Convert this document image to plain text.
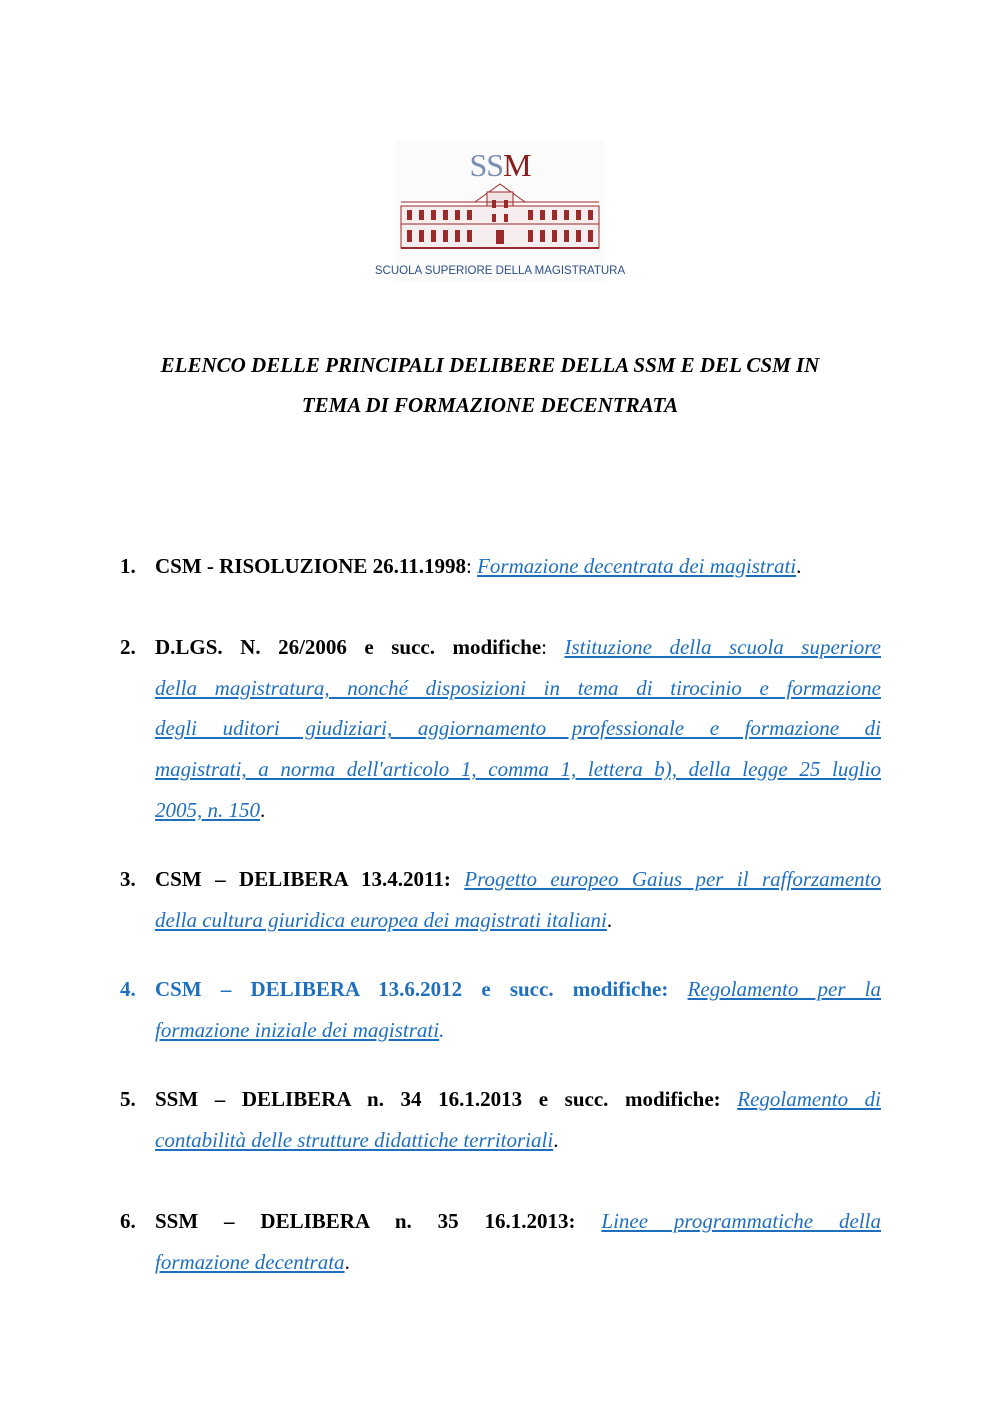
SSM
SCUOLA SUPERIORE DELLA MAGISTRATURA
ELENCO DELLE PRINCIPALI DELIBERE DELLA SSM E DEL CSM IN
TEMA DI FORMAZIONE DECENTRATA
1. CSM - RISOLUZIONE 26.11.1998: Formazione decentrata dei magistrati.
2. D.LGS. N. 26/2006 e succ. modifiche: Istituzione della scuola superiore
della magistratura, nonché disposizioni in tema di tirocinio e formazione
degli uditori giudiziari, aggiornamento professionale e formazione di
magistrati, a norma dell'articolo 1, comma 1, lettera b), della legge 25 luglio
2005, n. 150.
3. CSM – DELIBERA 13.4.2011: Progetto europeo Gaius per il rafforzamento
della cultura giuridica europea dei magistrati italiani.
4. CSM – DELIBERA 13.6.2012 e succ. modifiche: Regolamento per la
formazione iniziale dei magistrati.
5. SSM – DELIBERA n. 34 16.1.2013 e succ. modifiche: Regolamento di
contabilità delle strutture didattiche territoriali.
6. SSM – DELIBERA n. 35 16.1.2013: Linee programmatiche della
formazione decentrata.
